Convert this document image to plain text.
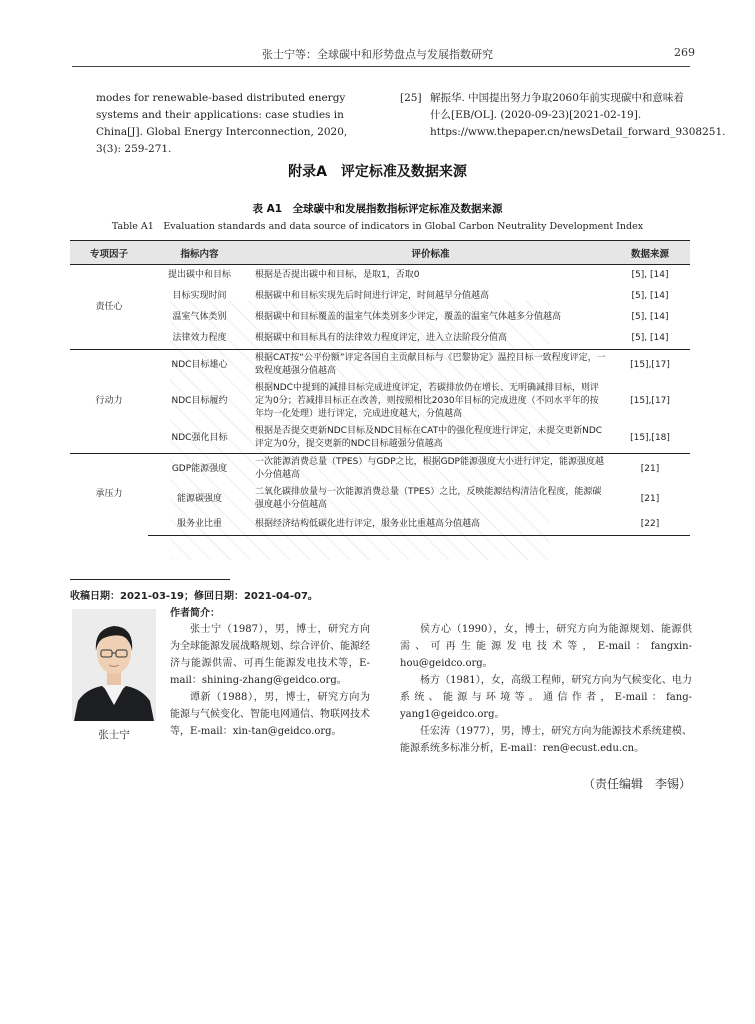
张士宁等：全球碳中和形势盘点与发展指数研究	269
modes for renewable-based distributed energy systems and their applications: case studies in China[J]. Global Energy Interconnection, 2020, 3(3): 259-271.
[25] 解振华. 中国提出努力争取2060年前实现碳中和意味着什么[EB/OL]. (2020-09-23)[2021-02-19]. https://www.thepaper.cn/newsDetail_forward_9308251.
附录A　评定标准及数据来源
表 A1　全球碳中和发展指数指标评定标准及数据来源
Table A1　Evaluation standards and data source of indicators in Global Carbon Neutrality Development Index
专项因子	指标内容	评价标准	数据来源
责任心	提出碳中和目标	根据是否提出碳中和目标，是取1，否取0	[5], [14]
	目标实现时间	根据碳中和目标实现先后时间进行评定，时间越早分值越高	[5], [14]
	温室气体类别	根据碳中和目标覆盖的温室气体类别多少评定，覆盖的温室气体越多分值越高	[5], [14]
	法律效力程度	根据碳中和目标具有的法律效力程度评定，进入立法阶段分值高	[5], [14]
行动力	NDC目标雄心	根据CAT按“公平份额”评定各国自主贡献目标与《巴黎协定》温控目标一致程度评定，一致程度越强分值越高	[15],[17]
	NDC目标履约	根据NDC中提到的减排目标完成进度评定，若碳排放仍在增长、无明确减排目标，则评定为0分；若减排目标正在改善，则按照相比2030年目标的完成进度（不同水平年的按年均一化处理）进行评定，完成进度越大，分值越高	[15],[17]
	NDC强化目标	根据是否提交更新NDC目标及NDC目标在CAT中的强化程度进行评定，未提交更新NDC评定为0分，提交更新的NDC目标越强分值越高	[15],[18]
承压力	GDP能源强度	一次能源消费总量（TPES）与GDP之比，根据GDP能源强度大小进行评定，能源强度越小分值越高	[21]
	能源碳强度	二氧化碳排放量与一次能源消费总量（TPES）之比，反映能源结构清洁化程度，能源碳强度越小分值越高	[21]
	服务业比重	根据经济结构低碳化进行评定，服务业比重越高分值越高	[22]
收稿日期：2021-03-19；修回日期：2021-04-07。
作者简介：
张士宁

张士宁（1987），男，博士，研究方向为全球能源发展战略规划、综合评价、能源经济与能源供需、可再生能源发电技术等，E-mail：shining-zhang@geidco.org。

谭新（1988），男，博士，研究方向为能源与气候变化、智能电网通信、物联网技术等，E-mail：xin-tan@geidco.org。

侯方心（1990），女，博士，研究方向为能源规划、能源供需、可再生能源发电技术等，E-mail：fangxin-hou@geidco.org。

杨方（1981），女，高级工程师，研究方向为气候变化、电力系统、能源与环境等。通信作者，E-mail：fang-yang1@geidco.org。

任宏涛（1977），男，博士，研究方向为能源技术系统建模、能源系统多标准分析，E-mail：ren@ecust.edu.cn。

（责任编辑　李锡）
